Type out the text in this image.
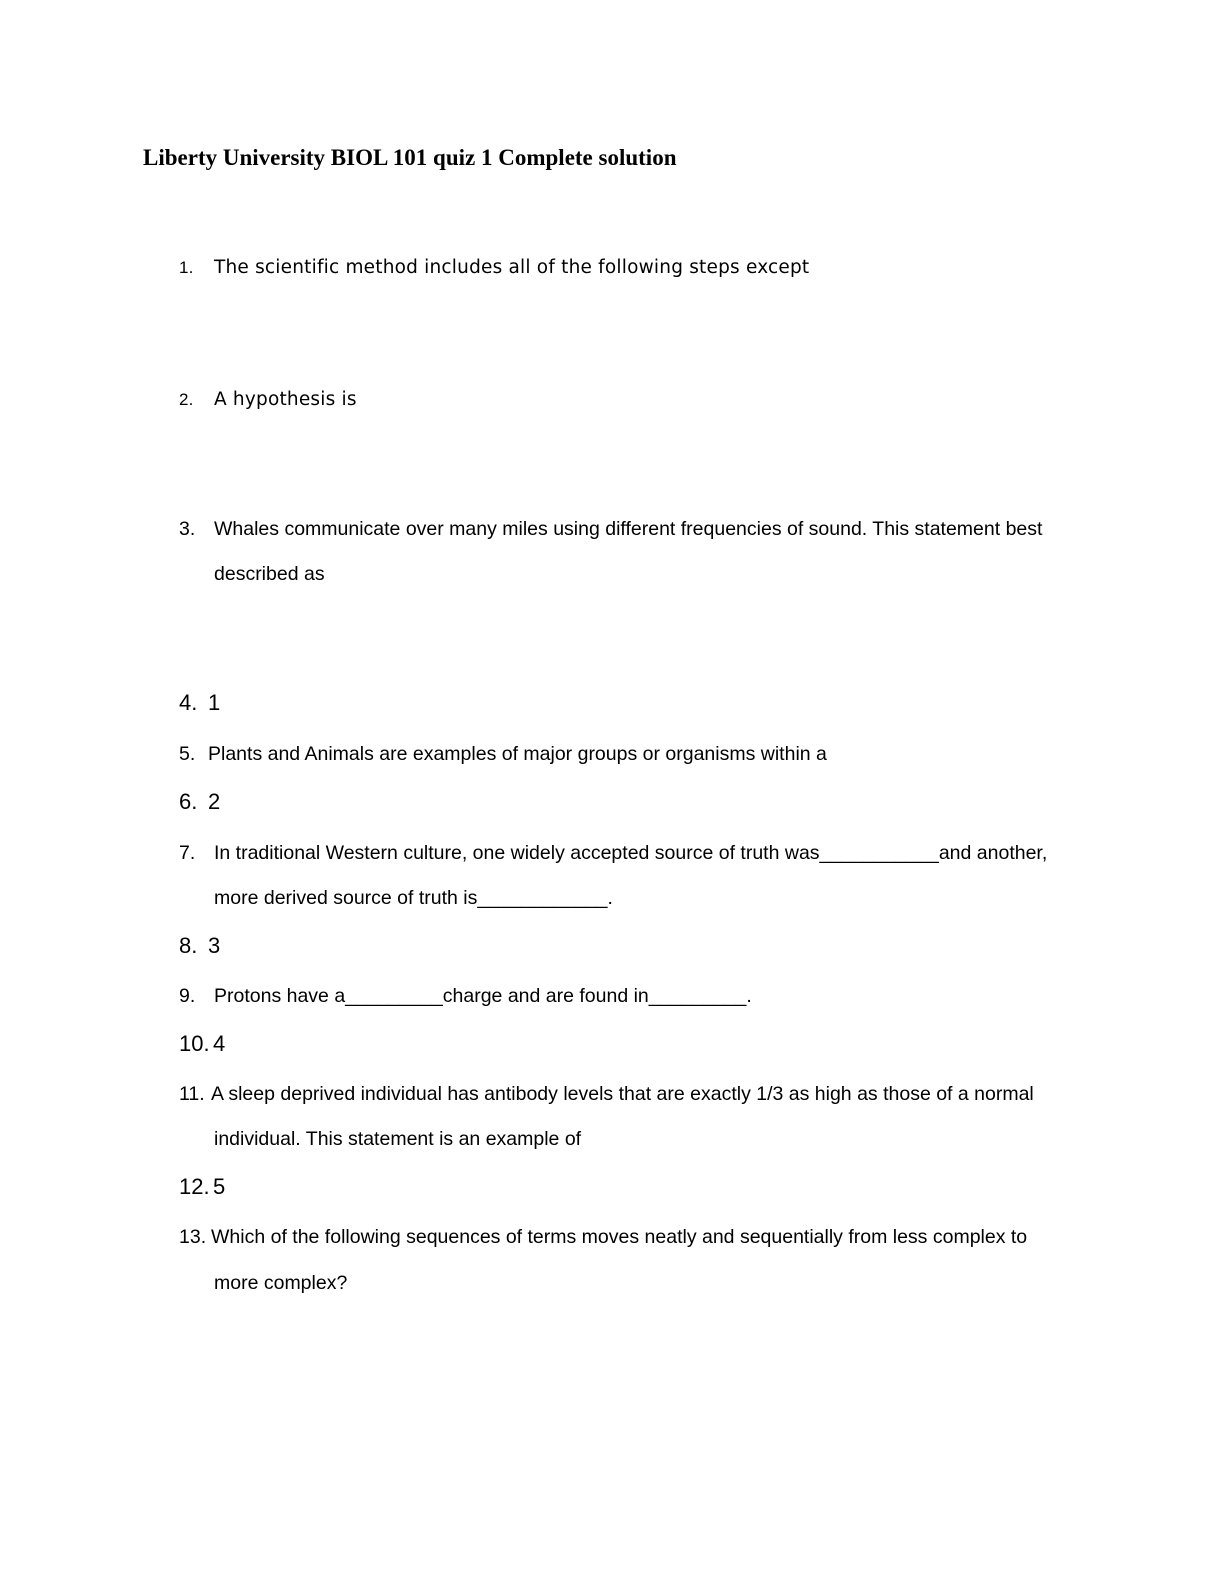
Liberty University BIOL 101 quiz 1 Complete solution
1. The scientific method includes all of the following steps except
2. A hypothesis is
3. Whales communicate over many miles using different frequencies of sound. This statement best
described as
4. 1
5. Plants and Animals are examples of major groups or organisms within a
6. 2
7. In traditional Western culture, one widely accepted source of truth was___________and another,
more derived source of truth is____________.
8. 3
9. Protons have a_________charge and are found in_________.
10. 4
11. A sleep deprived individual has antibody levels that are exactly 1/3 as high as those of a normal
individual. This statement is an example of
12. 5
13. Which of the following sequences of terms moves neatly and sequentially from less complex to
more complex?
